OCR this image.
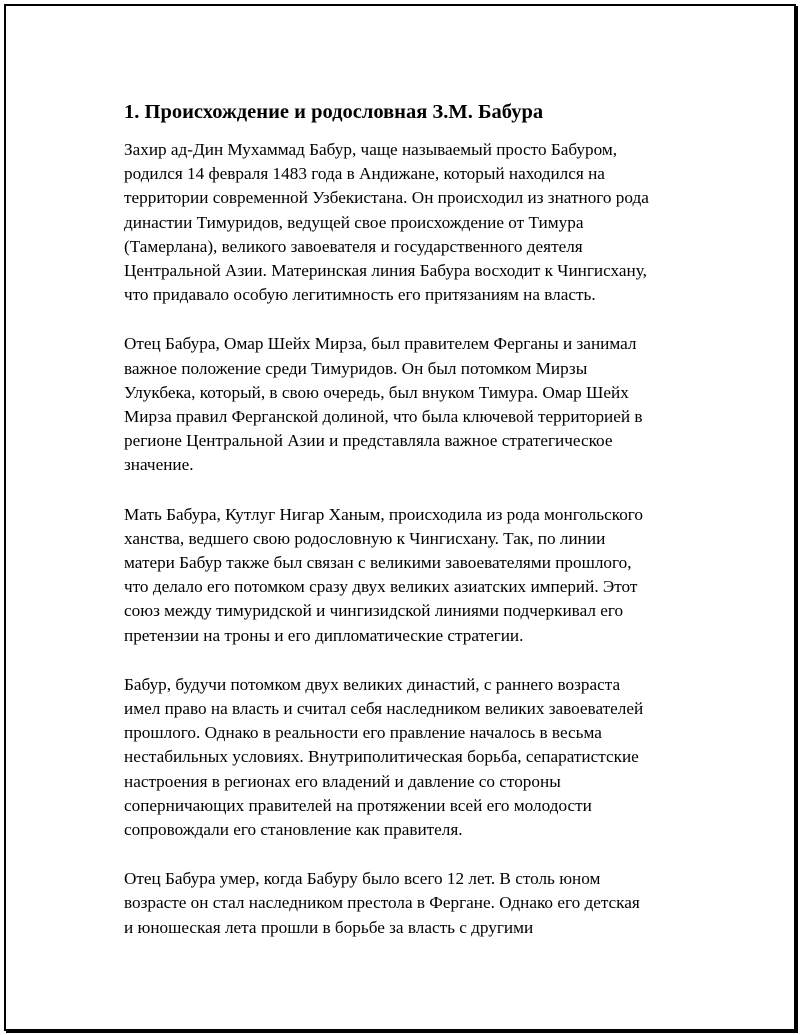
1. Происхождение и родословная З.М. Бабура

Захир ад-Дин Мухаммад Бабур, чаще называемый просто Бабуром,
родился 14 февраля 1483 года в Андижане, который находился на
территории современной Узбекистана. Он происходил из знатного рода
династии Тимуридов, ведущей свое происхождение от Тимура
(Тамерлана), великого завоевателя и государственного деятеля
Центральной Азии. Материнская линия Бабура восходит к Чингисхану,
что придавало особую легитимность его притязаниям на власть.

Отец Бабура, Омар Шейх Мирза, был правителем Ферганы и занимал
важное положение среди Тимуридов. Он был потомком Мирзы
Улукбека, который, в свою очередь, был внуком Тимура. Омар Шейх
Мирза правил Ферганской долиной, что была ключевой территорией в
регионе Центральной Азии и представляла важное стратегическое
значение.

Мать Бабура, Кутлуг Нигар Ханым, происходила из рода монгольского
ханства, ведшего свою родословную к Чингисхану. Так, по линии
матери Бабур также был связан с великими завоевателями прошлого,
что делало его потомком сразу двух великих азиатских империй. Этот
союз между тимуридской и чингизидской линиями подчеркивал его
претензии на троны и его дипломатические стратегии.

Бабур, будучи потомком двух великих династий, с раннего возраста
имел право на власть и считал себя наследником великих завоевателей
прошлого. Однако в реальности его правление началось в весьма
нестабильных условиях. Внутриполитическая борьба, сепаратистские
настроения в регионах его владений и давление со стороны
соперничающих правителей на протяжении всей его молодости
сопровождали его становление как правителя.

Отец Бабура умер, когда Бабуру было всего 12 лет. В столь юном
возрасте он стал наследником престола в Фергане. Однако его детская
и юношеская лета прошли в борьбе за власть с другими
